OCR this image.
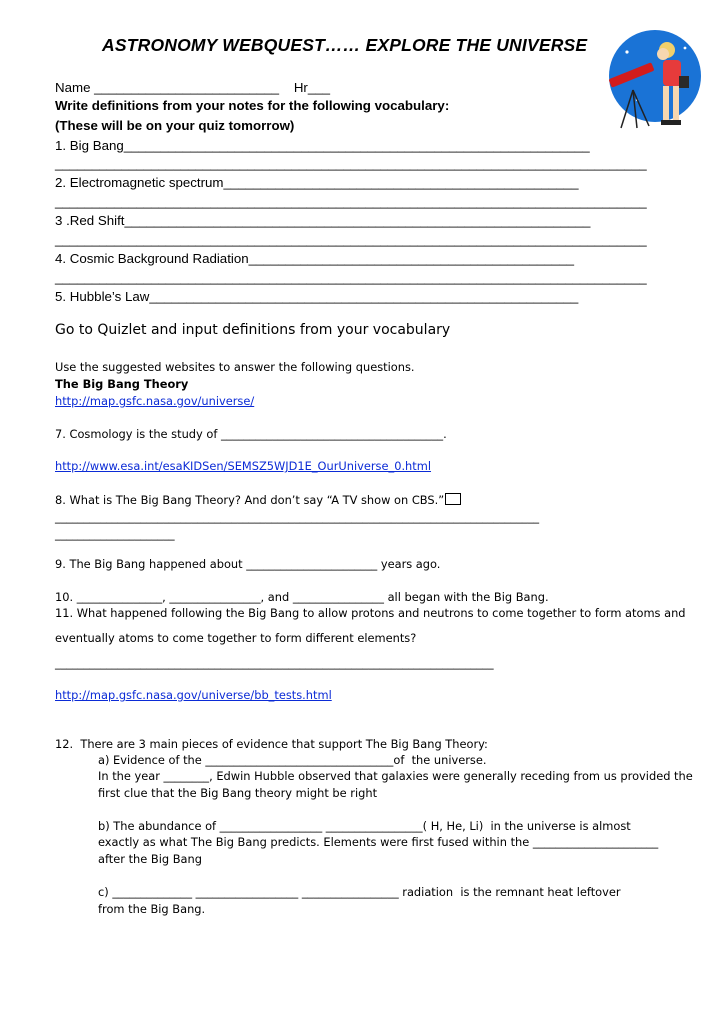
ASTRONOMY WEBQUEST…… EXPLORE THE UNIVERSE
Name _________________________    Hr___
Write definitions from your notes for the following vocabulary:
(These will be on your quiz tomorrow)
1. Big Bang_______________________________________________________________
________________________________________________________________________________
2. Electromagnetic spectrum________________________________________________
________________________________________________________________________________
3 .Red Shift_______________________________________________________________
________________________________________________________________________________
4. Cosmic Background Radiation____________________________________________
________________________________________________________________________________
5. Hubble’s Law__________________________________________________________
Go to Quizlet and input definitions from your vocabulary
Use the suggested websites to answer the following questions.
The Big Bang Theory
http://map.gsfc.nasa.gov/universe/
7. Cosmology is the study of _______________________________________.
http://www.esa.int/esaKIDSen/SEMSZ5WJD1E_OurUniverse_0.html
8. What is The Big Bang Theory? And don’t say “A TV show on CBS.”
_____________________________________________________________________________________
_____________________
9. The Big Bang happened about _______________________ years ago.
10. _______________, ________________, and ________________ all began with the Big Bang.
11. What happened following the Big Bang to allow protons and neutrons to come together to form atoms and
eventually atoms to come together to form different elements?
_____________________________________________________________________________
http://map.gsfc.nasa.gov/universe/bb_tests.html
12.  There are 3 main pieces of evidence that support The Big Bang Theory:
a) Evidence of the _________________________________of  the universe.
In the year ________, Edwin Hubble observed that galaxies were generally receding from us provided the
first clue that the Big Bang theory might be right
b) The abundance of __________________ _________________( H, He, Li)  in the universe is almost
exactly as what The Big Bang predicts. Elements were first fused within the ______________________
after the Big Bang
c) ______________ __________________ _________________ radiation  is the remnant heat leftover
from the Big Bang.
